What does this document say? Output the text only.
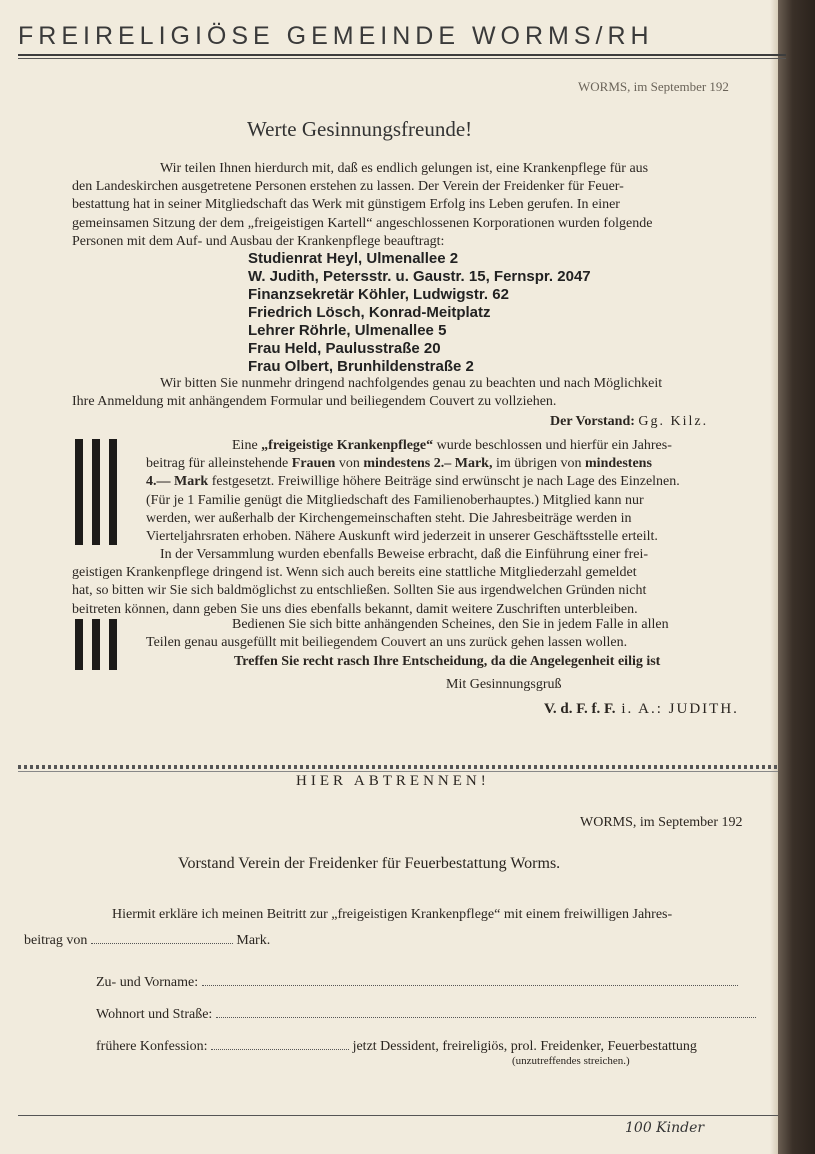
FREIRELIGIÖSE GEMEINDE WORMS/RH
WORMS, im September 192
Werte Gesinnungsfreunde!
Wir teilen Ihnen hierdurch mit, daß es endlich gelungen ist, eine Krankenpflege für aus
den Landeskirchen ausgetretene Personen erstehen zu lassen. Der Verein der Freidenker für Feuer-
bestattung hat in seiner Mitgliedschaft das Werk mit günstigem Erfolg ins Leben gerufen. In einer
gemeinsamen Sitzung der dem „freigeistigen Kartell“ angeschlossenen Korporationen wurden folgende
Personen mit dem Auf- und Ausbau der Krankenpflege beauftragt:
Studienrat Heyl, Ulmenallee 2
W. Judith, Petersstr. u. Gaustr. 15, Fernspr. 2047
Finanzsekretär Köhler, Ludwigstr. 62
Friedrich Lösch, Konrad-Meitplatz
Lehrer Röhrle, Ulmenallee 5
Frau Held, Paulusstraße 20
Frau Olbert, Brunhildenstraße 2
Wir bitten Sie nunmehr dringend nachfolgendes genau zu beachten und nach Möglichkeit
Ihre Anmeldung mit anhängendem Formular und beiliegendem Couvert zu vollziehen.
Der Vorstand: Gg. Kilz.
Eine „freigeistige Krankenpflege“ wurde beschlossen und hierfür ein Jahres-
beitrag für alleinstehende Frauen von mindestens 2.– Mark, im übrigen von mindestens
4.— Mark festgesetzt. Freiwillige höhere Beiträge sind erwünscht je nach Lage des Einzelnen.
(Für je 1 Familie genügt die Mitgliedschaft des Familienoberhauptes.) Mitglied kann nur
werden, wer außerhalb der Kirchengemeinschaften steht. Die Jahresbeiträge werden in
Vierteljahrsraten erhoben. Nähere Auskunft wird jederzeit in unserer Geschäftsstelle erteilt.
In der Versammlung wurden ebenfalls Beweise erbracht, daß die Einführung einer frei-
geistigen Krankenpflege dringend ist. Wenn sich auch bereits eine stattliche Mitgliederzahl gemeldet
hat, so bitten wir Sie sich baldmöglichst zu entschließen. Sollten Sie aus irgendwelchen Gründen nicht
beitreten können, dann geben Sie uns dies ebenfalls bekannt, damit weitere Zuschriften unterbleiben.
Bedienen Sie sich bitte anhängenden Scheines, den Sie in jedem Falle in allen
Teilen genau ausgefüllt mit beiliegendem Couvert an uns zurück gehen lassen wollen.
Treffen Sie recht rasch Ihre Entscheidung, da die Angelegenheit eilig ist
Mit Gesinnungsgruß
V. d. F. f. F. i. A.: JUDITH.
HIER ABTRENNEN!
WORMS, im September 192
Vorstand Verein der Freidenker für Feuerbestattung Worms.
Hiermit erkläre ich meinen Beitritt zur „freigeistigen Krankenpflege“ mit einem freiwilligen Jahres-
beitrag von	Mark.
Zu- und Vorname:
Wohnort und Straße:
frühere Konfession:	jetzt Dessident, freireligiös, prol. Freidenker, Feuerbestattung
(unzutreffendes streichen.)
100 Kinder
